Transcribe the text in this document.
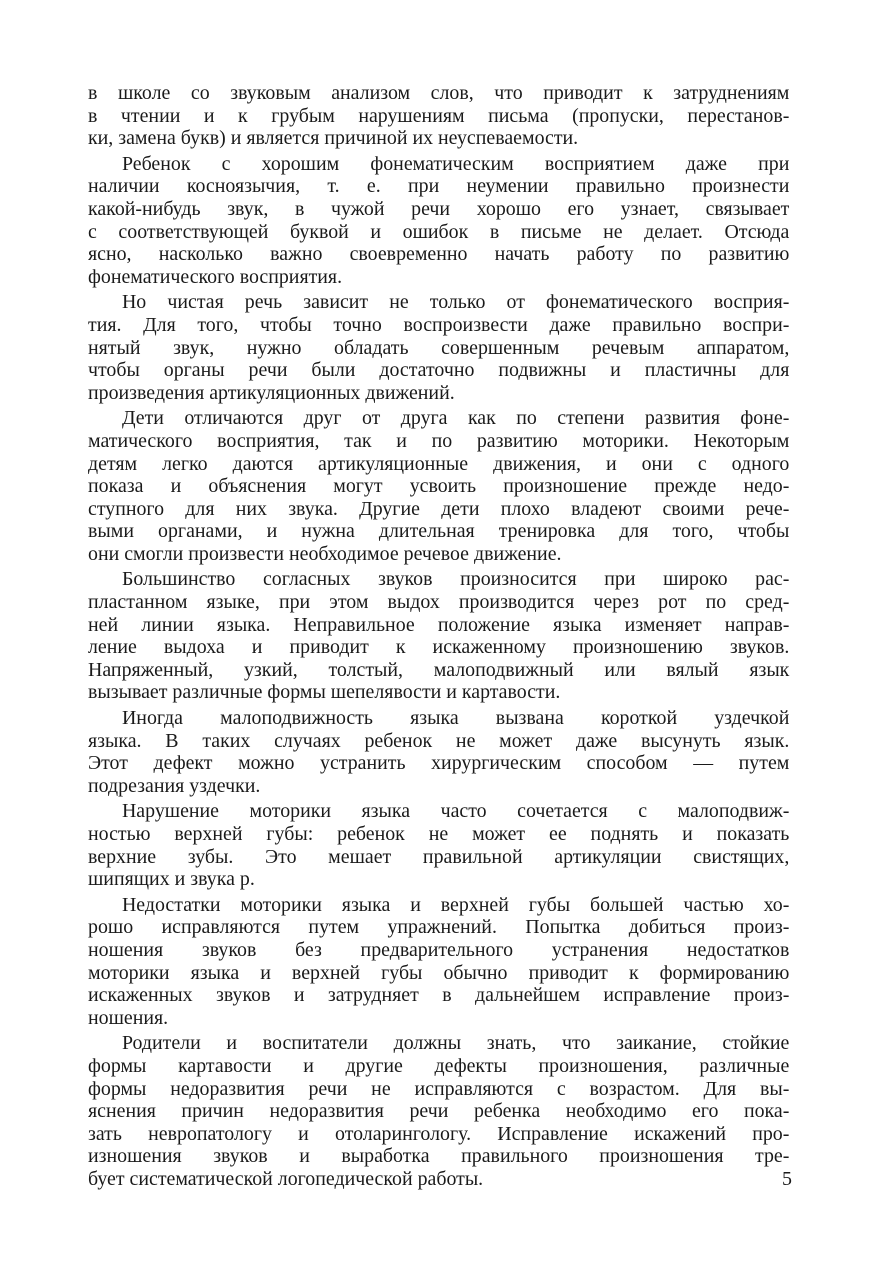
в школе со звуковым анализом слов, что приводит к затруднениям
в чтении и к грубым нарушениям письма (пропуски, перестанов-
ки, замена букв) и является причиной их неуспеваемости.
Ребенок с хорошим фонематическим восприятием даже при
наличии косноязычия, т. е. при неумении правильно произнести
какой-нибудь звук, в чужой речи хорошо его узнает, связывает
с соответствующей буквой и ошибок в письме не делает. Отсюда
ясно, насколько важно своевременно начать работу по развитию
фонематического восприятия.
Но чистая речь зависит не только от фонематического восприя-
тия. Для того, чтобы точно воспроизвести даже правильно воспри-
нятый звук, нужно обладать совершенным речевым аппаратом,
чтобы органы речи были достаточно подвижны и пластичны для
произведения артикуляционных движений.
Дети отличаются друг от друга как по степени развития фоне-
матического восприятия, так и по развитию моторики. Некоторым
детям легко даются артикуляционные движения, и они с одного
показа и объяснения могут усвоить произношение прежде недо-
ступного для них звука. Другие дети плохо владеют своими рече-
выми органами, и нужна длительная тренировка для того, чтобы
они смогли произвести необходимое речевое движение.
Большинство согласных звуков произносится при широко рас-
пластанном языке, при этом выдох производится через рот по сред-
ней линии языка. Неправильное положение языка изменяет направ-
ление выдоха и приводит к искаженному произношению звуков.
Напряженный, узкий, толстый, малоподвижный или вялый язык
вызывает различные формы шепелявости и картавости.
Иногда малоподвижность языка вызвана короткой уздечкой
языка. В таких случаях ребенок не может даже высунуть язык.
Этот дефект можно устранить хирургическим способом — путем
подрезания уздечки.
Нарушение моторики языка часто сочетается с малоподвиж-
ностью верхней губы: ребенок не может ее поднять и показать
верхние зубы. Это мешает правильной артикуляции свистящих,
шипящих и звука р.
Недостатки моторики языка и верхней губы большей частью хо-
рошо исправляются путем упражнений. Попытка добиться произ-
ношения звуков без предварительного устранения недостатков
моторики языка и верхней губы обычно приводит к формированию
искаженных звуков и затрудняет в дальнейшем исправление произ-
ношения.
Родители и воспитатели должны знать, что заикание, стойкие
формы картавости и другие дефекты произношения, различные
формы недоразвития речи не исправляются с возрастом. Для вы-
яснения причин недоразвития речи ребенка необходимо его пока-
зать невропатологу и отоларингологу. Исправление искажений про-
изношения звуков и выработка правильного произношения тре-
бует систематической логопедической работы.	5
